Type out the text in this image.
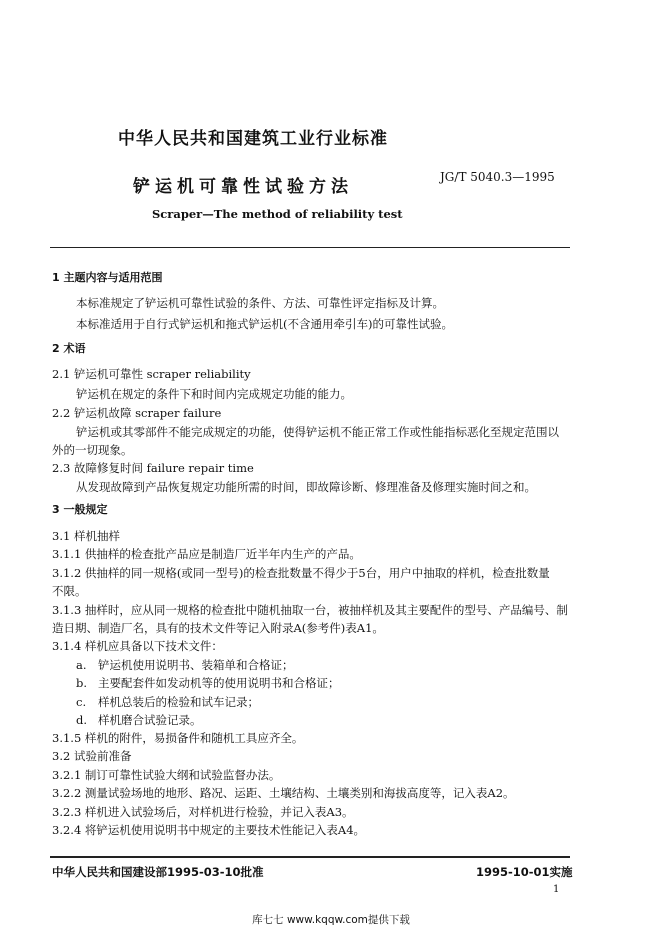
中华人民共和国建筑工业行业标准
铲运机可靠性试验方法	JG/T 5040.3—1995
Scraper—The method of reliability test
1 主题内容与适用范围
本标准规定了铲运机可靠性试验的条件、方法、可靠性评定指标及计算。
本标准适用于自行式铲运机和拖式铲运机(不含通用牵引车)的可靠性试验。
2 术语
2.1 铲运机可靠性 scraper reliability
铲运机在规定的条件下和时间内完成规定功能的能力。
2.2 铲运机故障 scraper failure
铲运机或其零部件不能完成规定的功能，使得铲运机不能正常工作或性能指标恶化至规定范围以
外的一切现象。
2.3 故障修复时间 failure repair time
从发现故障到产品恢复规定功能所需的时间，即故障诊断、修理准备及修理实施时间之和。
3 一般规定
3.1 样机抽样
3.1.1 供抽样的检查批产品应是制造厂近半年内生产的产品。
3.1.2 供抽样的同一规格(或同一型号)的检查批数量不得少于5台，用户中抽取的样机，检查批数量
不限。
3.1.3 抽样时，应从同一规格的检查批中随机抽取一台，被抽样机及其主要配件的型号、产品编号、制
造日期、制造厂名，具有的技术文件等记入附录A(参考件)表A1。
3.1.4 样机应具备以下技术文件：
a. 铲运机使用说明书、装箱单和合格证；
b. 主要配套件如发动机等的使用说明书和合格证；
c. 样机总装后的检验和试车记录；
d. 样机磨合试验记录。
3.1.5 样机的附件，易损备件和随机工具应齐全。
3.2 试验前准备
3.2.1 制订可靠性试验大纲和试验监督办法。
3.2.2 测量试验场地的地形、路况、运距、土壤结构、土壤类别和海拔高度等，记入表A2。
3.2.3 样机进入试验场后，对样机进行检验，并记入表A3。
3.2.4 将铲运机使用说明书中规定的主要技术性能记入表A4。
中华人民共和国建设部1995-03-10批准	1995-10-01实施
1
库七七 www.kqqw.com提供下载
